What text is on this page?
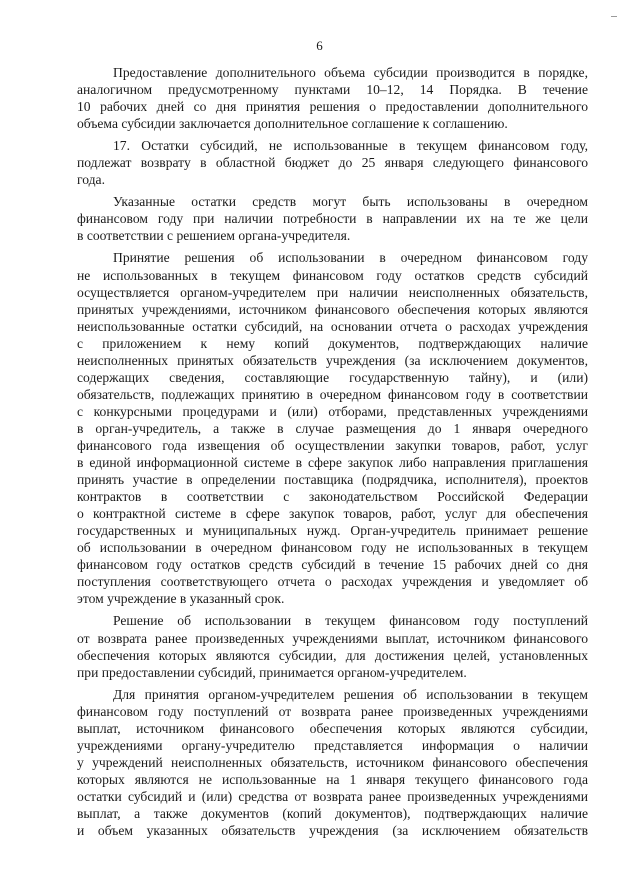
6
Предоставление дополнительного объема субсидии производится в порядке,
аналогичном предусмотренному пунктами 10–12, 14 Порядка. В течение
10 рабочих дней со дня принятия решения о предоставлении дополнительного
объема субсидии заключается дополнительное соглашение к соглашению.
17. Остатки субсидий, не использованные в текущем финансовом году,
подлежат возврату в областной бюджет до 25 января следующего финансового
года.
Указанные остатки средств могут быть использованы в очередном
финансовом году при наличии потребности в направлении их на те же цели
в соответствии с решением органа-учредителя.
Принятие решения об использовании в очередном финансовом году
не использованных в текущем финансовом году остатков средств субсидий
осуществляется органом-учредителем при наличии неисполненных обязательств,
принятых учреждениями, источником финансового обеспечения которых являются
неиспользованные остатки субсидий, на основании отчета о расходах учреждения
с приложением к нему копий документов, подтверждающих наличие
неисполненных принятых обязательств учреждения (за исключением документов,
содержащих сведения, составляющие государственную тайну), и (или)
обязательств, подлежащих принятию в очередном финансовом году в соответствии
с конкурсными процедурами и (или) отборами, представленных учреждениями
в орган-учредитель, а также в случае размещения до 1 января очередного
финансового года извещения об осуществлении закупки товаров, работ, услуг
в единой информационной системе в сфере закупок либо направления приглашения
принять участие в определении поставщика (подрядчика, исполнителя), проектов
контрактов в соответствии с законодательством Российской Федерации
о контрактной системе в сфере закупок товаров, работ, услуг для обеспечения
государственных и муниципальных нужд. Орган-учредитель принимает решение
об использовании в очередном финансовом году не использованных в текущем
финансовом году остатков средств субсидий в течение 15 рабочих дней со дня
поступления соответствующего отчета о расходах учреждения и уведомляет об
этом учреждение в указанный срок.
Решение об использовании в текущем финансовом году поступлений
от возврата ранее произведенных учреждениями выплат, источником финансового
обеспечения которых являются субсидии, для достижения целей, установленных
при предоставлении субсидий, принимается органом-учредителем.
Для принятия органом-учредителем решения об использовании в текущем
финансовом году поступлений от возврата ранее произведенных учреждениями
выплат, источником финансового обеспечения которых являются субсидии,
учреждениями органу-учредителю представляется информация о наличии
у учреждений неисполненных обязательств, источником финансового обеспечения
которых являются не использованные на 1 января текущего финансового года
остатки субсидий и (или) средства от возврата ранее произведенных учреждениями
выплат, а также документов (копий документов), подтверждающих наличие
и объем указанных обязательств учреждения (за исключением обязательств
